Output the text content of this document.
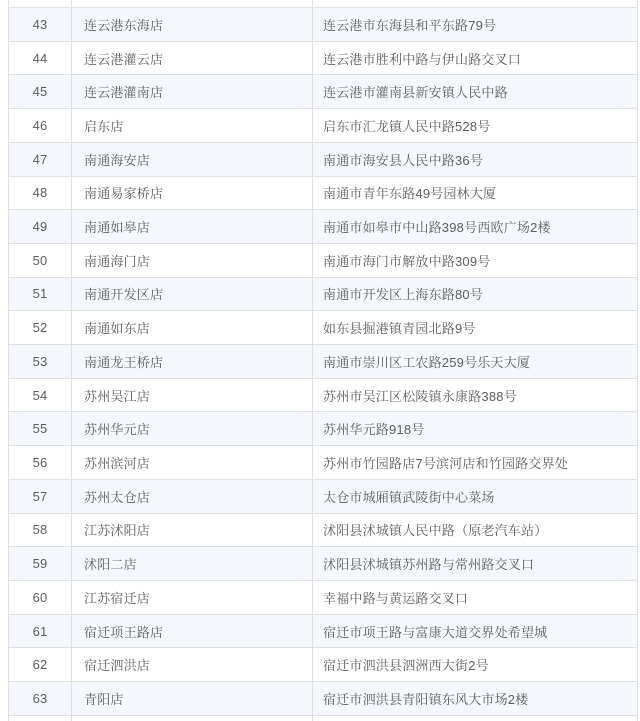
43	连云港东海店	连云港市东海县和平东路79号
44	连云港灌云店	连云港市胜利中路与伊山路交叉口
45	连云港灌南店	连云港市灌南县新安镇人民中路
46	启东店	启东市汇龙镇人民中路528号
47	南通海安店	南通市海安县人民中路36号
48	南通易家桥店	南通市青年东路49号园林大厦
49	南通如皋店	南通市如皋市中山路398号西欧广场2楼
50	南通海门店	南通市海门市解放中路309号
51	南通开发区店	南通市开发区上海东路80号
52	南通如东店	如东县掘港镇青园北路9号
53	南通龙王桥店	南通市崇川区工农路259号乐天大厦
54	苏州吴江店	苏州市吴江区松陵镇永康路388号
55	苏州华元店	苏州华元路918号
56	苏州滨河店	苏州市竹园路店7号滨河店和竹园路交界处
57	苏州太仓店	太仓市城厢镇武陵街中心菜场
58	江苏沭阳店	沭阳县沭城镇人民中路（原老汽车站）
59	沭阳二店	沭阳县沭城镇苏州路与常州路交叉口
60	江苏宿迁店	幸福中路与黄运路交叉口
61	宿迁项王路店	宿迁市项王路与富康大道交界处希望城
62	宿迁泗洪店	宿迁市泗洪县泗洲西大街2号
63	青阳店	宿迁市泗洪县青阳镇东风大市场2楼
